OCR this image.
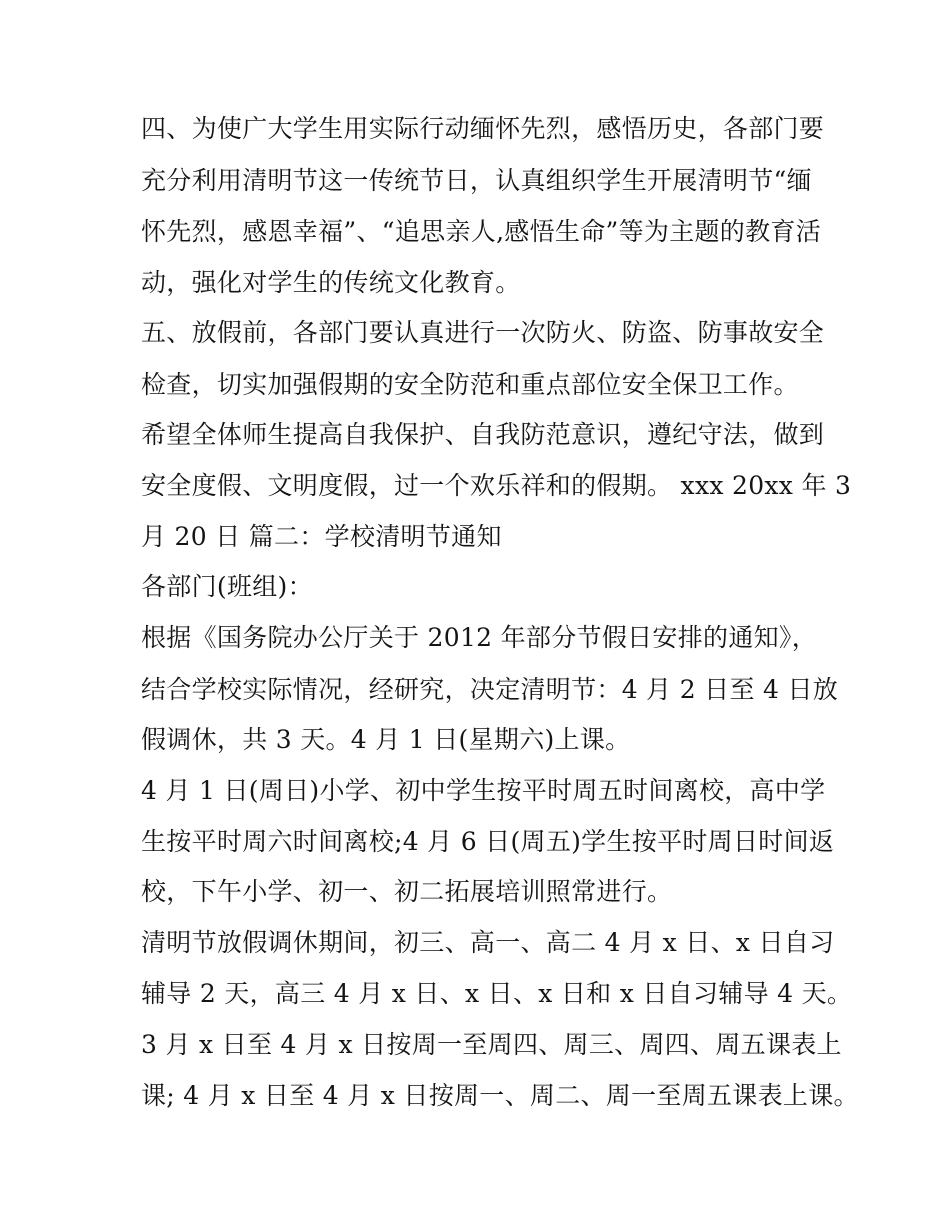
四、为使广大学生用实际行动缅怀先烈，感悟历史，各部门要
充分利用清明节这一传统节日，认真组织学生开展清明节“缅
怀先烈，感恩幸福”、“追思亲人,感悟生命”等为主题的教育活
动，强化对学生的传统文化教育。
五、放假前，各部门要认真进行一次防火、防盗、防事故安全
检查，切实加强假期的安全防范和重点部位安全保卫工作。
希望全体师生提高自我保护、自我防范意识，遵纪守法，做到
安全度假、文明度假，过一个欢乐祥和的假期。 xxx 20xx 年 3
月 20 日 篇二：学校清明节通知
各部门(班组)：
根据《国务院办公厅关于 2012 年部分节假日安排的通知》，
结合学校实际情况，经研究，决定清明节：4 月 2 日至 4 日放
假调休，共 3 天。4 月 1 日(星期六)上课。
4 月 1 日(周日)小学、初中学生按平时周五时间离校，高中学
生按平时周六时间离校;4 月 6 日(周五)学生按平时周日时间返
校，下午小学、初一、初二拓展培训照常进行。
清明节放假调休期间，初三、高一、高二 4 月 x 日、x 日自习
辅导 2 天，高三 4 月 x 日、x 日、x 日和 x 日自习辅导 4 天。
3 月 x 日至 4 月 x 日按周一至周四、周三、周四、周五课表上
课; 4 月 x 日至 4 月 x 日按周一、周二、周一至周五课表上课。
